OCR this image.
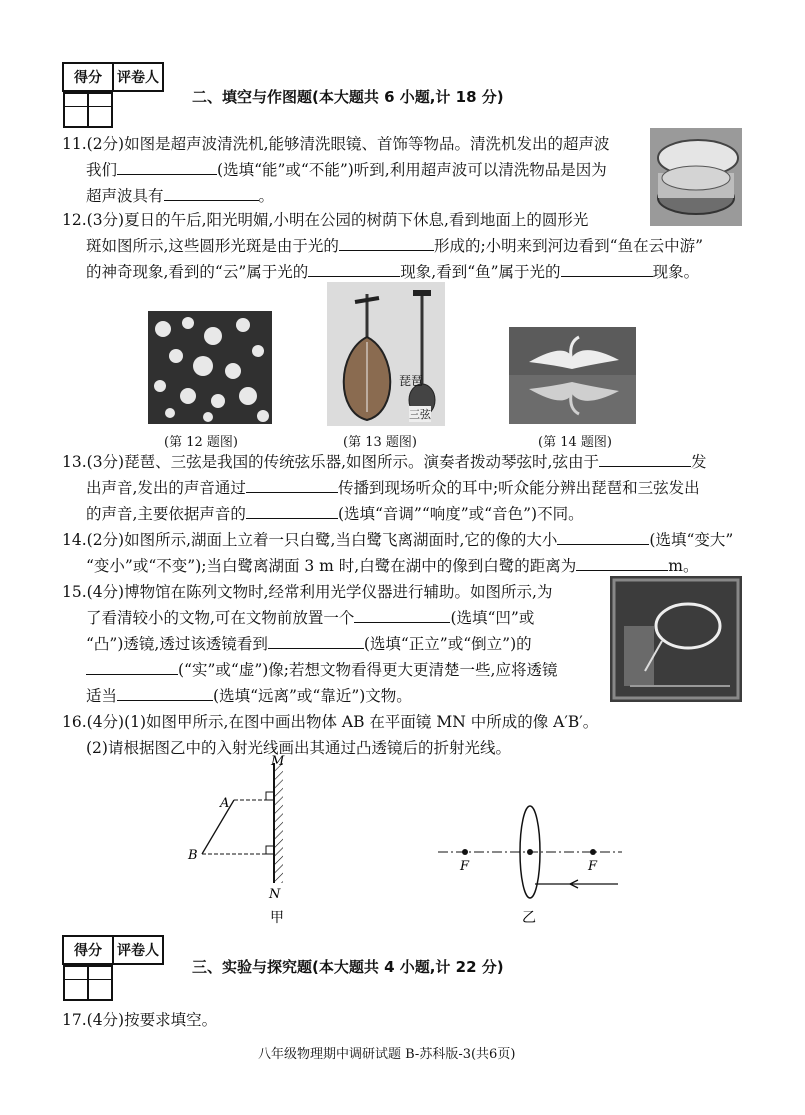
得分	评卷人

二、填空与作图题(本大题共 6 小题,计 18 分)
11.(2分)如图是超声波清洗机,能够清洗眼镜、首饰等物品。清洗机发出的超声波
我们	(选填“能”或“不能”)听到,利用超声波可以清洗物品是因为
超声波具有	。
12.(3分)夏日的午后,阳光明媚,小明在公园的树荫下休息,看到地面上的圆形光
斑如图所示,这些圆形光斑是由于光的	形成的;小明来到河边看到“鱼在云中游”
的神奇现象,看到的“云”属于光的	现象,看到“鱼”属于光的	现象。
(第 12 题图)
琵琶
三弦
(第 13 题图)	(第 14 题图)
13.(3分)琵琶、三弦是我国的传统弦乐器,如图所示。演奏者拨动琴弦时,弦由于	发
出声音,发出的声音通过	传播到现场听众的耳中;听众能分辨出琵琶和三弦发出
的声音,主要依据声音的	(选填“音调”“响度”或“音色”)不同。
14.(2分)如图所示,湖面上立着一只白鹭,当白鹭飞离湖面时,它的像的大小	(选填“变大”
“变小”或“不变”);当白鹭离湖面 3 m 时,白鹭在湖中的像到白鹭的距离为	m。
15.(4分)博物馆在陈列文物时,经常利用光学仪器进行辅助。如图所示,为
了看清较小的文物,可在文物前放置一个	(选填“凹”或
“凸”)透镜,透过该透镜看到	(选填“正立”或“倒立”)的
(“实”或“虚”)像;若想文物看得更大更清楚一些,应将透镜
适当	(选填“远离”或“靠近”)文物。
16.(4分)(1)如图甲所示,在图中画出物体 AB 在平面镜 MN 中所成的像 A′B′。
(2)请根据图乙中的入射光线画出其通过凸透镜后的折射光线。
M
N
A
B
甲
F	F
乙
得分	评卷人

三、实验与探究题(本大题共 4 小题,计 22 分)
17.(4分)按要求填空。
八年级物理期中调研试题 B-苏科版-3(共6页)
